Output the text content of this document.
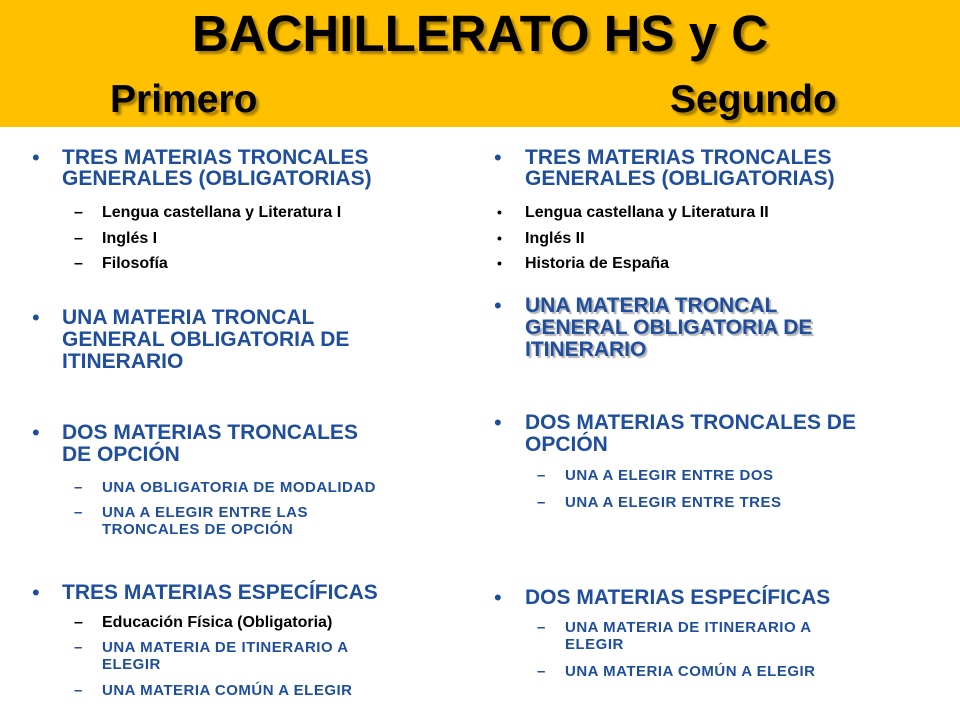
BACHILLERATO HS y C
Primero	Segundo
• TRES MATERIAS TRONCALES
GENERALES (OBLIGATORIAS)
– Lengua castellana y Literatura I
– Inglés I
– Filosofía
• UNA MATERIA TRONCAL
GENERAL OBLIGATORIA DE
ITINERARIO
• DOS MATERIAS TRONCALES
DE OPCIÓN
– UNA OBLIGATORIA DE MODALIDAD
– UNA A ELEGIR ENTRE LAS
TRONCALES DE OPCIÓN
• TRES MATERIAS ESPECÍFICAS
– Educación Física (Obligatoria)
– UNA MATERIA DE ITINERARIO A
ELEGIR
– UNA MATERIA COMÚN A ELEGIR
• TRES MATERIAS TRONCALES
GENERALES (OBLIGATORIAS)
• Lengua castellana y Literatura II
• Inglés II
• Historia de España
• UNA MATERIA TRONCAL
GENERAL OBLIGATORIA DE
ITINERARIO
• DOS MATERIAS TRONCALES DE
OPCIÓN
– UNA A ELEGIR ENTRE DOS
– UNA A ELEGIR ENTRE TRES
• DOS MATERIAS ESPECÍFICAS
– UNA MATERIA DE ITINERARIO A
ELEGIR
– UNA MATERIA COMÚN A ELEGIR
